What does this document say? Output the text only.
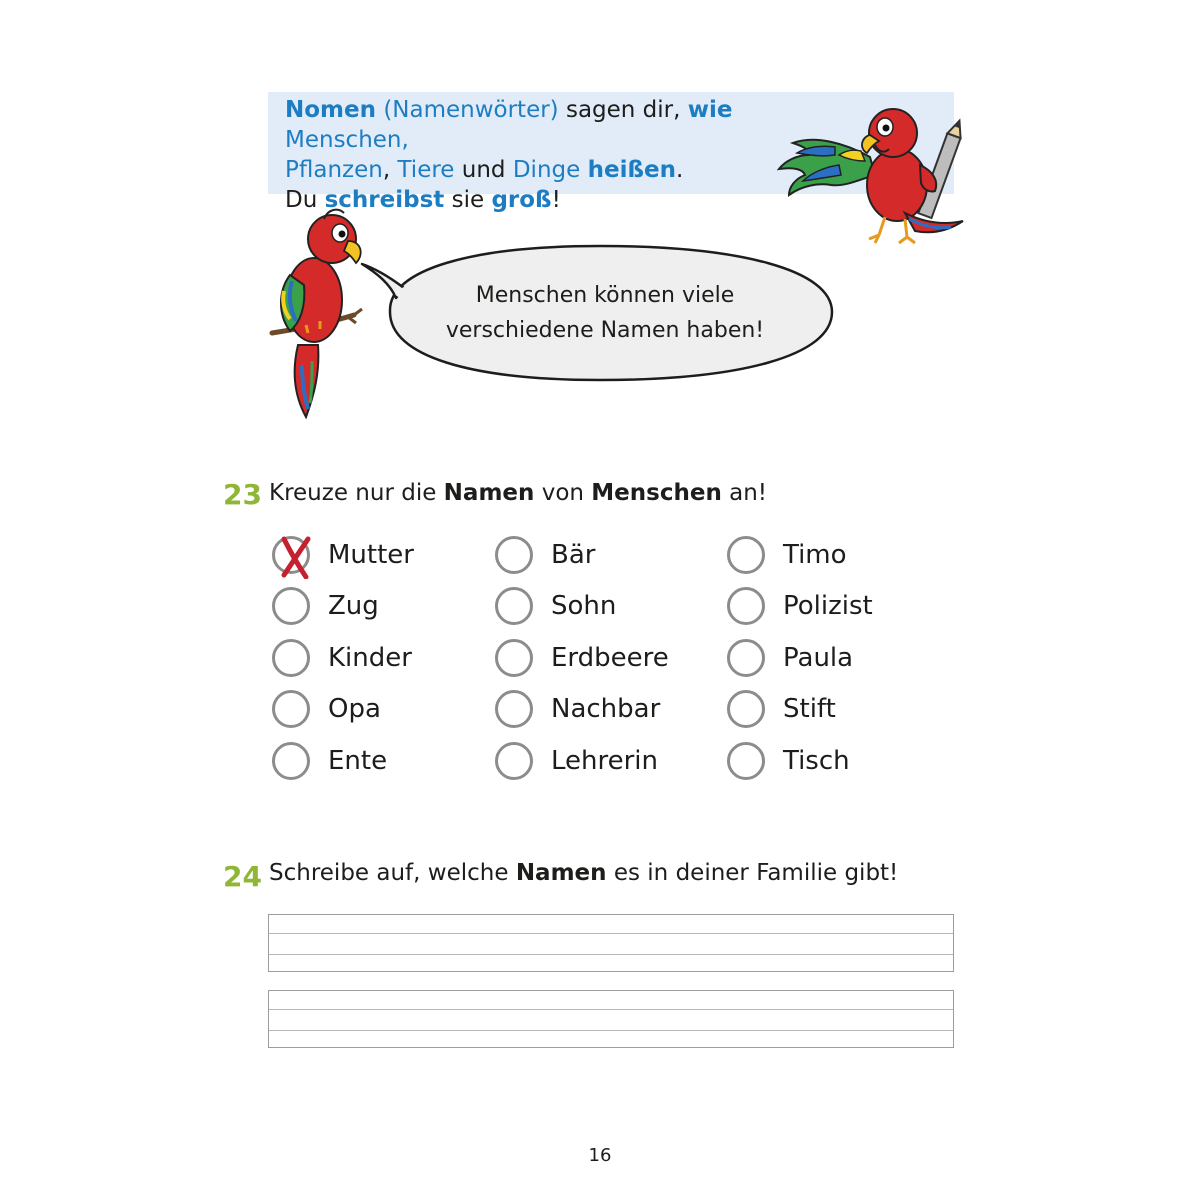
Nomen (Namenwörter) sagen dir, wie Menschen,
Pflanzen, Tiere und Dinge heißen.
Du schreibst sie groß!
Menschen können viele
verschiedene Namen haben!
23 Kreuze nur die Namen von Menschen an!
Mutter
Zug
Kinder
Opa
Ente
Bär
Sohn
Erdbeere
Nachbar
Lehrerin
Timo
Polizist
Paula
Stift
Tisch
24 Schreibe auf, welche Namen es in deiner Familie gibt!
16
